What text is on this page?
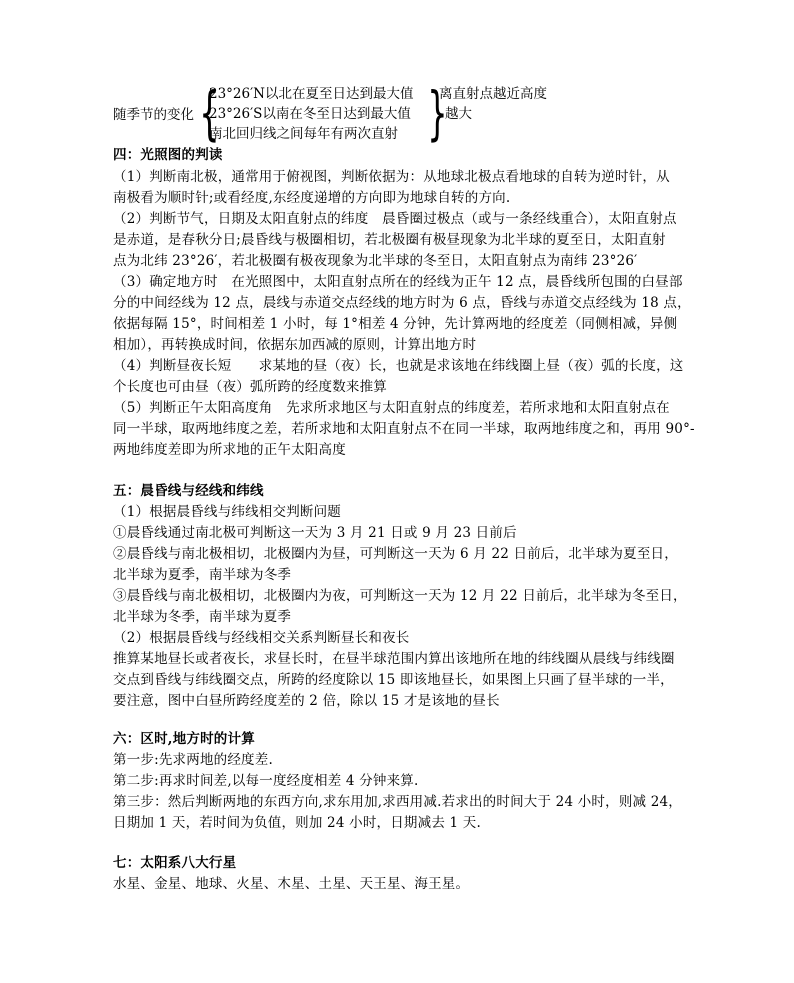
随季节的变化 {
23°26′N以北在夏至日达到最大值
23°26′S以南在冬至日达到最大值
南北回归线之间每年有两次直射 }
离直射点越近高度
越大
四：光照图的判读
（1）判断南北极，通常用于俯视图，判断依据为：从地球北极点看地球的自转为逆时针，从
南极看为顺时针;或看经度,东经度递增的方向即为地球自转的方向.
（2）判断节气，日期及太阳直射点的纬度　晨昏圈过极点（或与一条经线重合），太阳直射点
是赤道，是春秋分日;晨昏线与极圈相切，若北极圈有极昼现象为北半球的夏至日，太阳直射
点为北纬 23°26′，若北极圈有极夜现象为北半球的冬至日，太阳直射点为南纬 23°26′
（3）确定地方时　在光照图中，太阳直射点所在的经线为正午 12 点，晨昏线所包围的白昼部
分的中间经线为 12 点，晨线与赤道交点经线的地方时为 6 点，昏线与赤道交点经线为 18 点，
依据每隔 15°，时间相差 1 小时，每 1°相差 4 分钟，先计算两地的经度差（同侧相减，异侧
相加），再转换成时间，依据东加西减的原则，计算出地方时
（4）判断昼夜长短　　求某地的昼（夜）长，也就是求该地在纬线圈上昼（夜）弧的长度，这
个长度也可由昼（夜）弧所跨的经度数来推算
（5）判断正午太阳高度角　先求所求地区与太阳直射点的纬度差，若所求地和太阳直射点在
同一半球，取两地纬度之差，若所求地和太阳直射点不在同一半球，取两地纬度之和，再用 90°-
两地纬度差即为所求地的正午太阳高度
五：晨昏线与经线和纬线
（1）根据晨昏线与纬线相交判断问题
①晨昏线通过南北极可判断这一天为 3 月 21 日或 9 月 23 日前后
②晨昏线与南北极相切，北极圈内为昼，可判断这一天为 6 月 22 日前后，北半球为夏至日，
北半球为夏季，南半球为冬季
③晨昏线与南北极相切，北极圈内为夜，可判断这一天为 12 月 22 日前后，北半球为冬至日，
北半球为冬季，南半球为夏季
（2）根据晨昏线与经线相交关系判断昼长和夜长
推算某地昼长或者夜长，求昼长时，在昼半球范围内算出该地所在地的纬线圈从晨线与纬线圈
交点到昏线与纬线圈交点，所跨的经度除以 15 即该地昼长，如果图上只画了昼半球的一半，
要注意，图中白昼所跨经度差的 2 倍，除以 15 才是该地的昼长
六：区时,地方时的计算
第一步:先求两地的经度差.
第二步:再求时间差,以每一度经度相差 4 分钟来算.
第三步：然后判断两地的东西方向,求东用加,求西用减.若求出的时间大于 24 小时，则减 24，
日期加 1 天，若时间为负值，则加 24 小时，日期减去 1 天.
七：太阳系八大行星
水星、金星、地球、火星、木星、土星、天王星、海王星。
